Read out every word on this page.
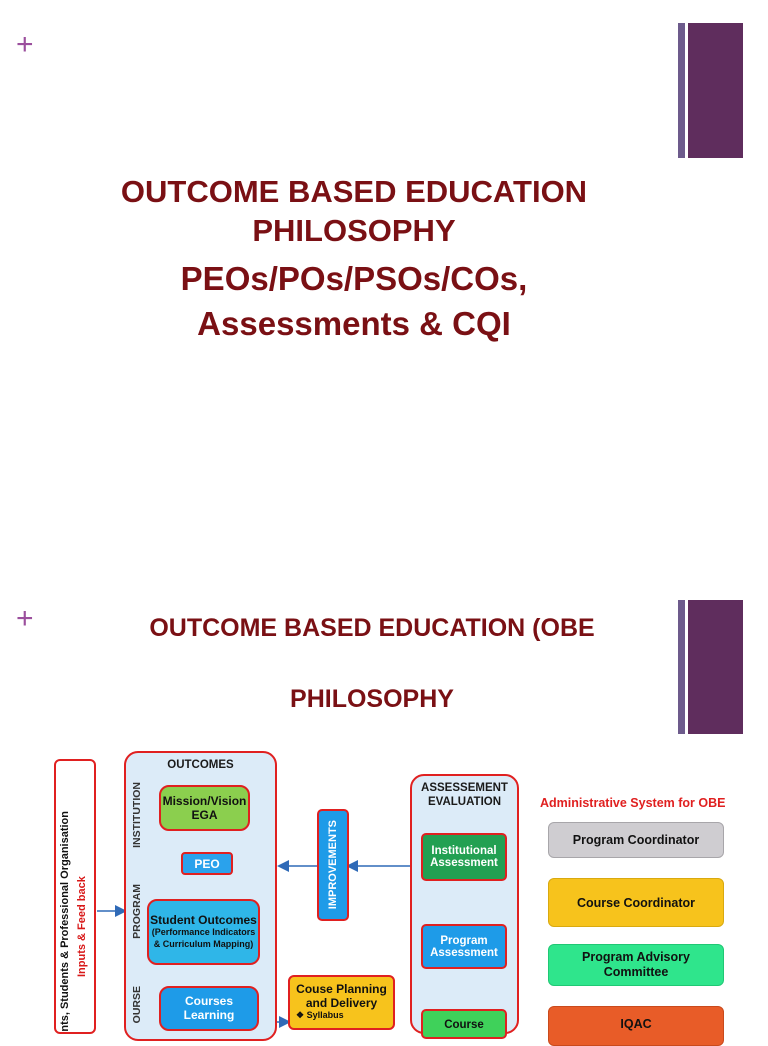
+
OUTCOME BASED EDUCATION
PHILOSOPHY
PEOs/POs/PSOs/COs,
Assessments & CQI
+	OUTCOME BASED EDUCATION (OBE
PHILOSOPHY
nts, Students & Professional Organisation Inputs & Feed back
OUTCOMES
INSTITUTION
PROGRAM
OURSE
Mission/Vision
EGA
PEO
Student Outcomes
(Performance Indicators
& Curriculum Mapping)
Courses
Learning
IMPROVEMENTS
Couse Planning
and Delivery
❖ Syllabus
ASSESSEMENT
EVALUATION
Institutional
Assessment
Program
Assessment
Course
Administrative System for OBE
Program Coordinator
Course Coordinator
Program Advisory Committee
IQAC
